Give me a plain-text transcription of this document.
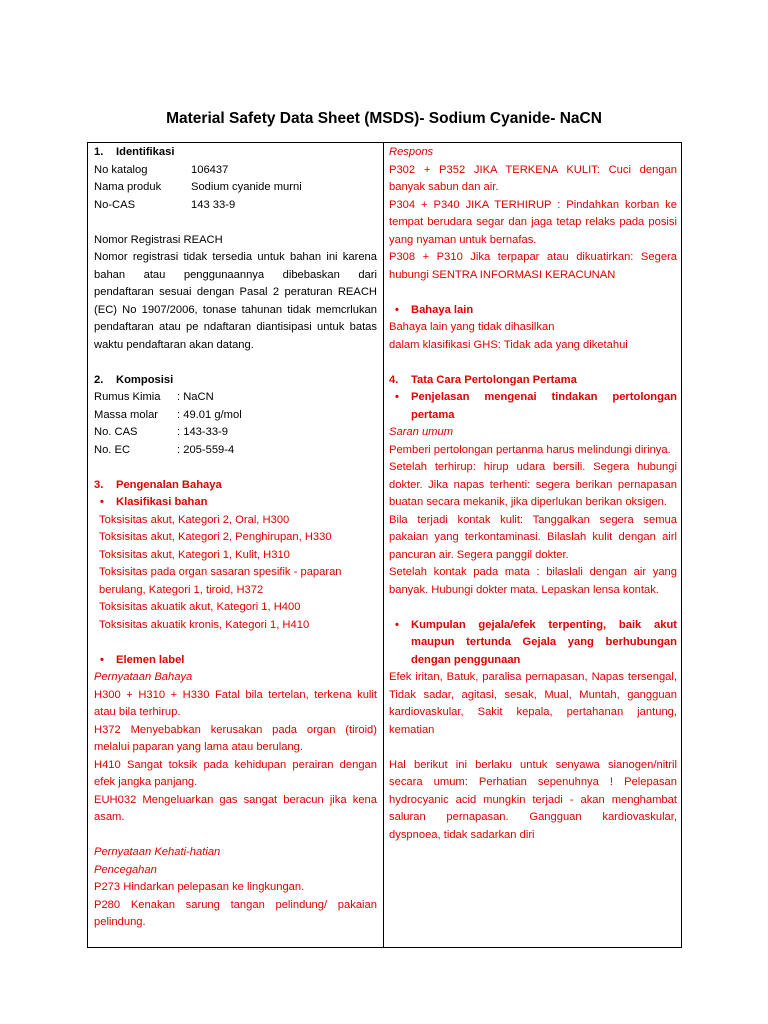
Material Safety Data Sheet (MSDS)- Sodium Cyanide- NaCN

1. Identifikasi

No katalog	106437
Nama produk	Sodium cyanide murni
No-CAS	143 33-9

Nomor Registrasi REACH

Nomor registrasi tidak tersedia untuk bahan ini karena bahan atau penggunaannya dibebaskan dari pendaftaran sesuai dengan Pasal 2 peraturan REACH (EC) No 1907/2006, tonase tahunan tidak memcrlukan pendaftaran atau pe ndaftaran diantisipasi untuk batas waktu pendaftaran akan datang.

2. Komposisi

Rumus Kimia	: NaCN
Massa molar	: 49.01 g/mol
No. CAS	: 143-33-9
No. EC	: 205-559-4

3. Pengenalan Bahaya

•	Klasifikasi bahan

Toksisitas akut, Kategori 2, Oral, H300

Toksisitas akut, Kategori 2, Penghirupan, H330

Toksisitas akut, Kategori 1, Kulit, H310

Toksisitas pada organ sasaran spesifik - paparan berulang, Kategori 1, tiroid, H372

Toksisitas akuatik akut, Kategori 1, H400

Toksisitas akuatik kronis, Kategori 1, H410

•	Elemen label

Pernyataan Bahaya

H300 + H310 + H330 Fatal bila tertelan, terkena kulit atau bila terhirup.

H372 Menyebabkan kerusakan pada organ (tiroid) melalui paparan yang lama atau berulang.

H410 Sangat toksik pada kehidupan perairan dengan efek jangka panjang.

EUH032 Mengeluarkan gas sangat beracun jika kena asam.

Pernyataan Kehati-hatian

Pencegahan

P273 Hindarkan pelepasan ke lingkungan.

P280 Kenakan sarung tangan pelindung/ pakaian pelindung.

Respons

P302 + P352 JIKA TERKENA KULIT: Cuci dengan banyak sabun dan air.

P304 + P340 JIKA TERHIRUP : Pindahkan korban ke tempat berudara segar dan jaga tetap relaks pada posisi yang nyaman untuk bernafas.

P308 + P310 Jika terpapar atau dikuatirkan: Segera hubungi SENTRA INFORMASI KERACUNAN

•	Bahaya lain

Bahaya lain yang tidak dihasilkan

dalam klasifikasi GHS: Tidak ada yang diketahui

4. Tata Cara Pertolongan Pertama

•	Penjelasan mengenai tindakan pertolongan pertama

Saran umum

Pemberi pertolongan pertanma harus melindungi dirinya.

Setelah terhirup: hirup udara bersili. Segera hubungi dokter. Jika napas terhenti: segera berikan pernapasan buatan secara mekanik, jika diperlukan berikan oksigen.

Bila terjadi kontak kulit: Tanggalkan segera semua pakaian yang terkontaminasi. Bilaslah kulit dengan airl pancuran air. Segera panggil dokter.

Setelah kontak pada mata : bilaslali dengan air yang banyak. Hubungi dokter mata. Lepaskan lensa kontak.

•	Kumpulan gejala/efek terpenting, baik akut maupun tertunda Gejala yang berhubungan dengan penggunaan

Efek iritan, Batuk, paralisa pernapasan, Napas tersengal, Tidak sadar, agitasi, sesak, Mual, Muntah, gangguan kardiovaskular, Sakit kepala, pertahanan jantung, kematian

Hal berikut ini berlaku untuk senyawa sianogen/nitril secara umum: Perhatian sepenuhnya ! Pelepasan hydrocyanic acid mungkin terjadi - akan menghambat saluran pernapasan. Gangguan kardiovaskular, dyspnoea, tidak sadarkan diri
